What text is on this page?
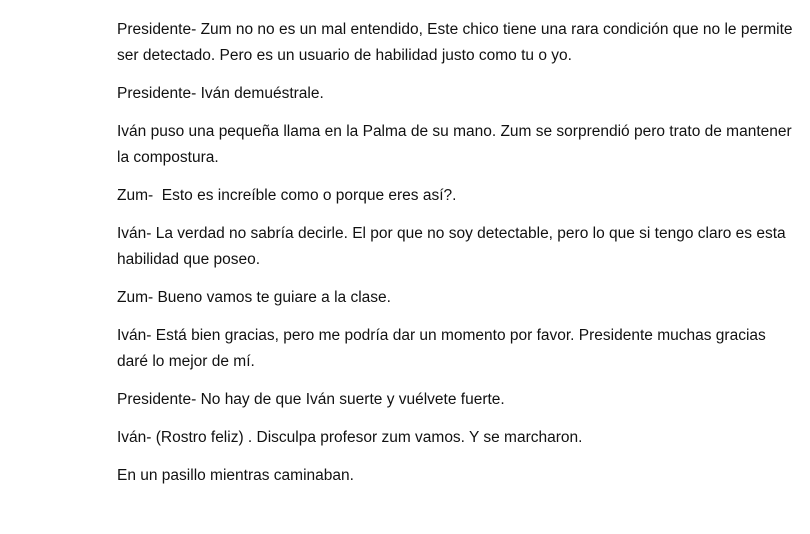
Presidente- Zum no no es un mal entendido, Este chico tiene una rara condición que no le permite ser detectado. Pero es un usuario de habilidad justo como tu o yo.

Presidente- Iván demuéstrale.

Iván puso una pequeña llama en la Palma de su mano. Zum se sorprendió pero trato de mantener la compostura.

Zum-  Esto es increíble como o porque eres así?.

Iván- La verdad no sabría decirle. El por que no soy detectable, pero lo que si tengo claro es esta habilidad que poseo.

Zum- Bueno vamos te guiare a la clase.

Iván- Está bien gracias, pero me podría dar un momento por favor. Presidente muchas gracias daré lo mejor de mí.

Presidente- No hay de que Iván suerte y vuélvete fuerte.

Iván- (Rostro feliz) . Disculpa profesor zum vamos. Y se marcharon.

En un pasillo mientras caminaban.
